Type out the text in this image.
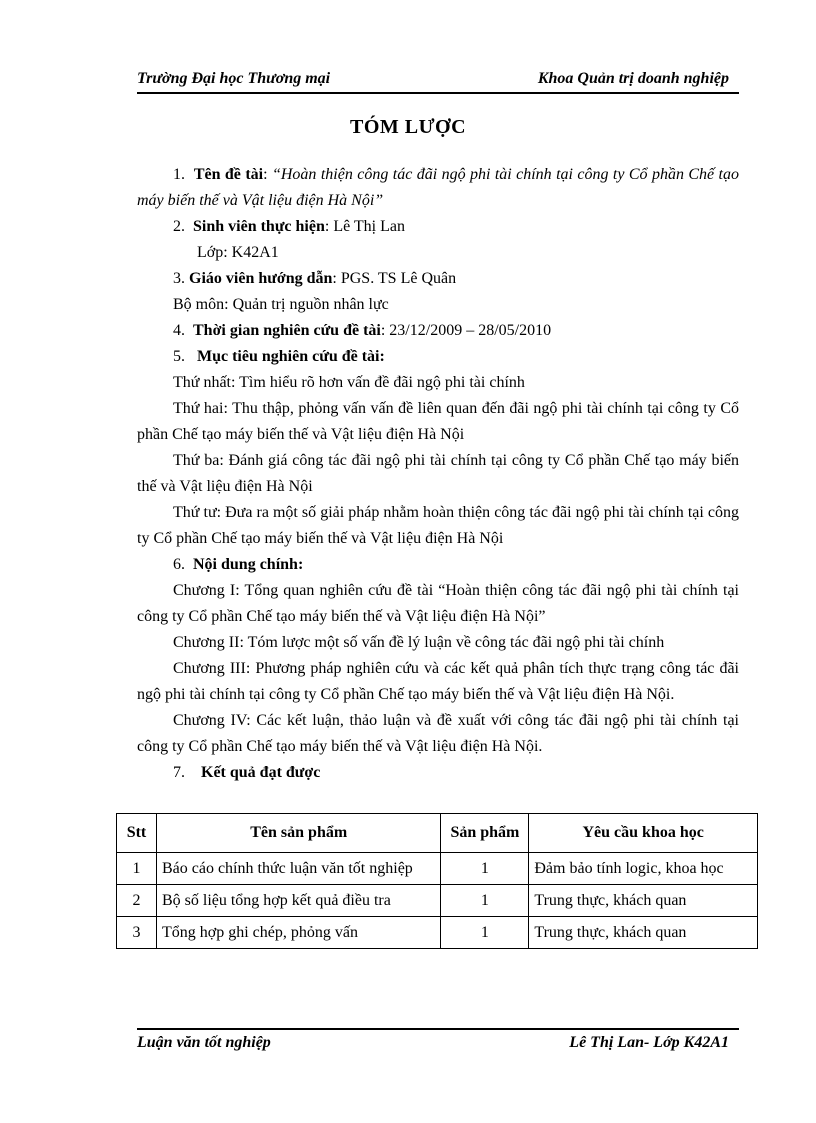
Trường Đại học Thương mại	Khoa Quản trị doanh nghiệp
TÓM LƯỢC

1. Tên đề tài: “Hoàn thiện công tác đãi ngộ phi tài chính tại công ty Cổ phần Chế tạo máy biến thế và Vật liệu điện Hà Nội”

2. Sinh viên thực hiện: Lê Thị Lan

Lớp: K42A1

3. Giáo viên hướng dẫn: PGS. TS Lê Quân

Bộ môn: Quản trị nguồn nhân lực

4. Thời gian nghiên cứu đề tài: 23/12/2009 – 28/05/2010

5. Mục tiêu nghiên cứu đề tài:

Thứ nhất: Tìm hiểu rõ hơn vấn đề đãi ngộ phi tài chính

Thứ hai: Thu thập, phỏng vấn vấn đề liên quan đến đãi ngộ phi tài chính tại công ty Cổ phần Chế tạo máy biến thế và Vật liệu điện Hà Nội

Thứ ba: Đánh giá công tác đãi ngộ phi tài chính tại công ty Cổ phần Chế tạo máy biến thế và Vật liệu điện Hà Nội

Thứ tư: Đưa ra một số giải pháp nhằm hoàn thiện công tác đãi ngộ phi tài chính tại công ty Cổ phần Chế tạo máy biến thế và Vật liệu điện Hà Nội

6. Nội dung chính:

Chương I: Tổng quan nghiên cứu đề tài “Hoàn thiện công tác đãi ngộ phi tài chính tại công ty Cổ phần Chế tạo máy biến thế và Vật liệu điện Hà Nội”

Chương II: Tóm lược một số vấn đề lý luận về công tác đãi ngộ phi tài chính

Chương III: Phương pháp nghiên cứu và các kết quả phân tích thực trạng công tác đãi ngộ phi tài chính tại công ty Cổ phần Chế tạo máy biến thế và Vật liệu điện Hà Nội.

Chương IV: Các kết luận, thảo luận và đề xuất với công tác đãi ngộ phi tài chính tại công ty Cổ phần Chế tạo máy biến thế và Vật liệu điện Hà Nội.

7. Kết quả đạt được

Stt	Tên sản phẩm	Sản phẩm	Yêu cầu khoa học
1	Báo cáo chính thức luận văn tốt nghiệp	1	Đảm bảo tính logic, khoa học
2	Bộ số liệu tổng hợp kết quả điều tra	1	Trung thực, khách quan
3	Tổng hợp ghi chép, phỏng vấn	1	Trung thực, khách quan
Luận văn tốt nghiệp	Lê Thị Lan- Lớp K42A1
